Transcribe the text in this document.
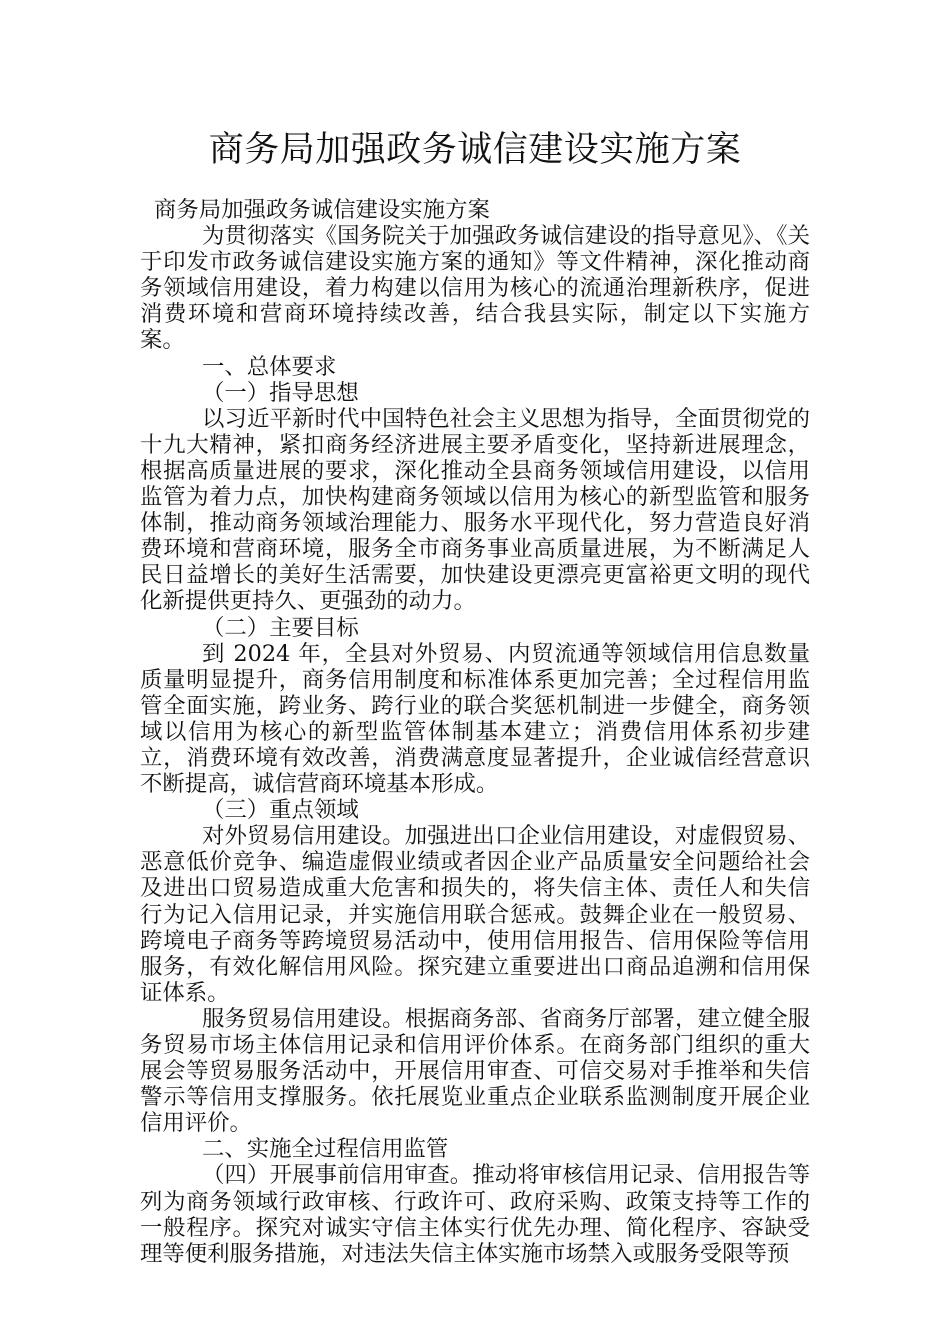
商务局加强政务诚信建设实施方案

商务局加强政务诚信建设实施方案

为贯彻落实《国务院关于加强政务诚信建设的指导意见》、《关于印发市政务诚信建设实施方案的通知》等文件精神，深化推动商务领域信用建设，着力构建以信用为核心的流通治理新秩序，促进消费环境和营商环境持续改善，结合我县实际，制定以下实施方案。

一、总体要求

（一）指导思想

以习近平新时代中国特色社会主义思想为指导，全面贯彻党的十九大精神，紧扣商务经济进展主要矛盾变化，坚持新进展理念，根据高质量进展的要求，深化推动全县商务领域信用建设，以信用监管为着力点，加快构建商务领域以信用为核心的新型监管和服务体制，推动商务领域治理能力、服务水平现代化，努力营造良好消费环境和营商环境，服务全市商务事业高质量进展，为不断满足人民日益增长的美好生活需要，加快建设更漂亮更富裕更文明的现代化新提供更持久、更强劲的动力。

（二）主要目标

到 2024 年，全县对外贸易、内贸流通等领域信用信息数量质量明显提升，商务信用制度和标准体系更加完善；全过程信用监管全面实施，跨业务、跨行业的联合奖惩机制进一步健全，商务领域以信用为核心的新型监管体制基本建立；消费信用体系初步建立，消费环境有效改善，消费满意度显著提升，企业诚信经营意识不断提高，诚信营商环境基本形成。

（三）重点领域

对外贸易信用建设。加强进出口企业信用建设，对虚假贸易、恶意低价竞争、编造虚假业绩或者因企业产品质量安全问题给社会及进出口贸易造成重大危害和损失的，将失信主体、责任人和失信行为记入信用记录，并实施信用联合惩戒。鼓舞企业在一般贸易、跨境电子商务等跨境贸易活动中，使用信用报告、信用保险等信用服务，有效化解信用风险。探究建立重要进出口商品追溯和信用保证体系。

服务贸易信用建设。根据商务部、省商务厅部署，建立健全服务贸易市场主体信用记录和信用评价体系。在商务部门组织的重大展会等贸易服务活动中，开展信用审查、可信交易对手推举和失信警示等信用支撑服务。依托展览业重点企业联系监测制度开展企业信用评价。

二、实施全过程信用监管

（四）开展事前信用审查。推动将审核信用记录、信用报告等列为商务领域行政审核、行政许可、政府采购、政策支持等工作的一般程序。探究对诚实守信主体实行优先办理、简化程序、容缺受理等便利服务措施，对违法失信主体实施市场禁入或服务受限等预
